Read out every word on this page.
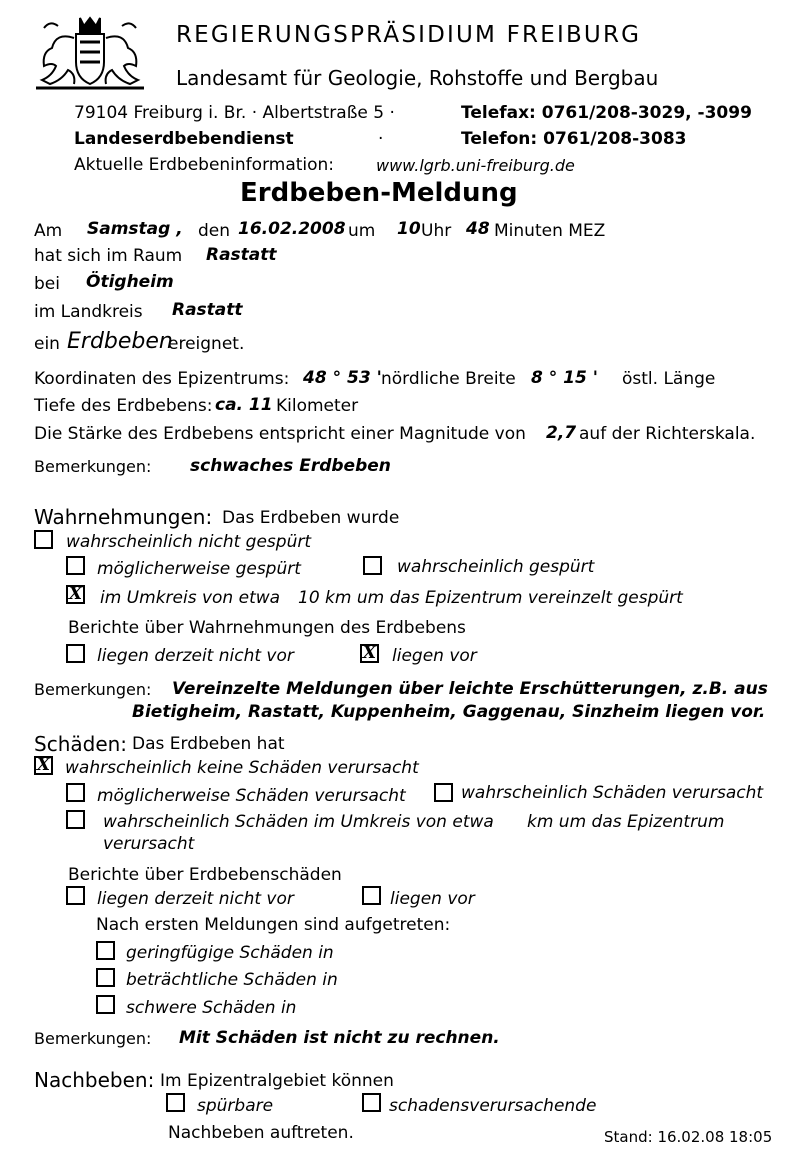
REGIERUNGSPRÄSIDIUM FREIBURG
Landesamt für Geologie, Rohstoffe und Bergbau
79104 Freiburg i. Br. · Albertstraße 5 ·	Telefax: 0761/208-3029, -3099
Landeserdbebendienst	·	Telefon: 0761/208-3083
Aktuelle Erdbebeninformation:	www.lgrb.uni-freiburg.de
Erdbeben-Meldung
Am Samstag , den 16.02.2008 um 10 Uhr 48 Minuten MEZ
hat sich im Raum Rastatt
bei Ötigheim
im Landkreis Rastatt
ein Erdbeben
ereignet.
Koordinaten des Epizentrums: 48 ° 53 ' nördliche Breite 8 ° 15 ' östl. Länge
Tiefe des Erdbebens: ca. 11 Kilometer
Die Stärke des Erdbebens entspricht einer Magnitude von 2,7 auf der Richterskala.
Bemerkungen: schwaches Erdbeben
Wahrnehmungen: Das Erdbeben wurde
wahrscheinlich nicht gespürt
möglicherweise gespürt	wahrscheinlich gespürt
X im Umkreis von etwa 10 km um das Epizentrum vereinzelt gespürt
Berichte über Wahrnehmungen des Erdbebens
liegen derzeit nicht vor	X liegen vor
Bemerkungen: Vereinzelte Meldungen über leichte Erschütterungen, z.B. aus
Bietigheim, Rastatt, Kuppenheim, Gaggenau, Sinzheim liegen vor.
Schäden: Das Erdbeben hat
X wahrscheinlich keine Schäden verursacht
möglicherweise Schäden verursacht	wahrscheinlich Schäden verursacht
wahrscheinlich Schäden im Umkreis von etwa km um das Epizentrum
verursacht
Berichte über Erdbebenschäden
liegen derzeit nicht vor	liegen vor
Nach ersten Meldungen sind aufgetreten:
geringfügige Schäden in
beträchtliche Schäden in
schwere Schäden in
Bemerkungen: Mit Schäden ist nicht zu rechnen.
Nachbeben: Im Epizentralgebiet können
spürbare	schadensverursachende
Nachbeben auftreten.	Stand: 16.02.08 18:05
